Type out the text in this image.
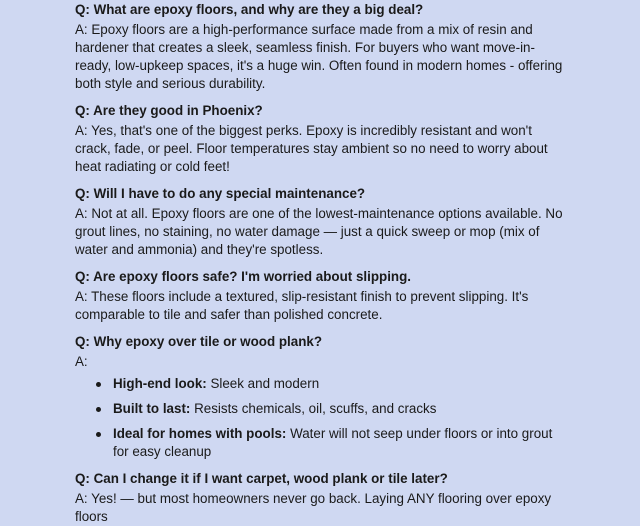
Q: What are epoxy floors, and why are they a big deal?
A: Epoxy floors are a high-performance surface made from a mix of resin and hardener that creates a sleek, seamless finish. For buyers who want move-in-ready, low-upkeep spaces, it's a huge win. Often found in modern homes - offering both style and serious durability.
Q: Are they good in Phoenix?
A: Yes, that's one of the biggest perks. Epoxy is incredibly resistant and won't crack, fade, or peel. Floor temperatures stay ambient so no need to worry about heat radiating or cold feet!
Q: Will I have to do any special maintenance?
A: Not at all. Epoxy floors are one of the lowest-maintenance options available. No grout lines, no staining, no water damage — just a quick sweep or mop (mix of water and ammonia) and they're spotless.
Q: Are epoxy floors safe? I'm worried about slipping.
A: These floors include a textured, slip-resistant finish to prevent slipping. It's comparable to tile and safer than polished concrete.
Q: Why epoxy over tile or wood plank?
A:
High-end look: Sleek and modern
Built to last: Resists chemicals, oil, scuffs, and cracks
Ideal for homes with pools: Water will not seep under floors or into grout for easy cleanup
Q: Can I change it if I want carpet, wood plank or tile later?
A: Yes! — but most homeowners never go back. Laying ANY flooring over epoxy floors
